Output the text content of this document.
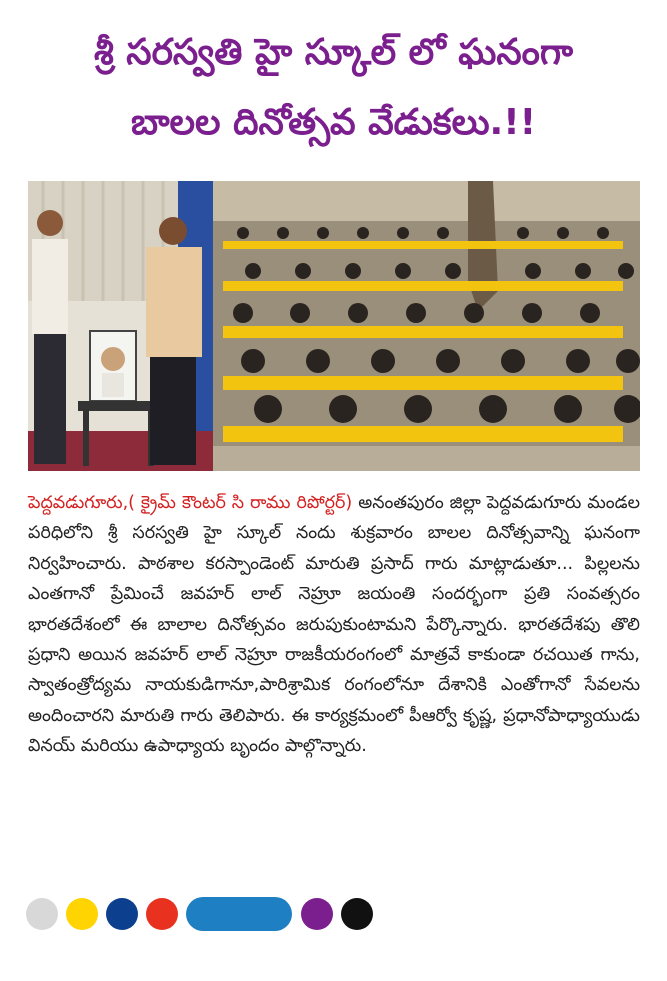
శ్రీ సరస్వతి హై స్కూల్ లో ఘనంగా
బాలల దినోత్సవ వేడుకలు.!!
పెద్దవడుగూరు,( క్రైమ్ కౌంటర్ సి రాము రిపోర్టర్) అనంతపురం జిల్లా పెద్దవడుగూరు మండల పరిధిలోని శ్రీ సరస్వతి హై స్కూల్ నందు శుక్రవారం బాలల దినోత్సవాన్ని ఘనంగా నిర్వహించారు. పాఠశాల కరస్పాండెంట్ మారుతి ప్రసాద్ గారు మాట్లాడుతూ... పిల్లలను ఎంతగానో ప్రేమించే జవహర్ లాల్ నెహ్రూ జయంతి సందర్భంగా ప్రతి సంవత్సరం భారతదేశంలో ఈ బాలాల దినోత్సవం జరుపుకుంటామని పేర్కొన్నారు. భారతదేశపు తొలి ప్రధాని అయిన జవహర్ లాల్ నెహ్రూ రాజకీయరంగంలో మాత్రవే కాకుండా రచయిత గాను, స్వాతంత్రోద్యమ నాయకుడిగానూ,పారిశ్రామిక రంగంలోనూ దేశానికి ఎంతోగానో సేవలను అందించారని మారుతి గారు తెలిపారు. ఈ కార్యక్రమంలో పీఆర్వో కృష్ణ, ప్రధానోపాధ్యాయుడు వినయ్ మరియు ఉపాధ్యాయ బృందం పాల్గొన్నారు.
